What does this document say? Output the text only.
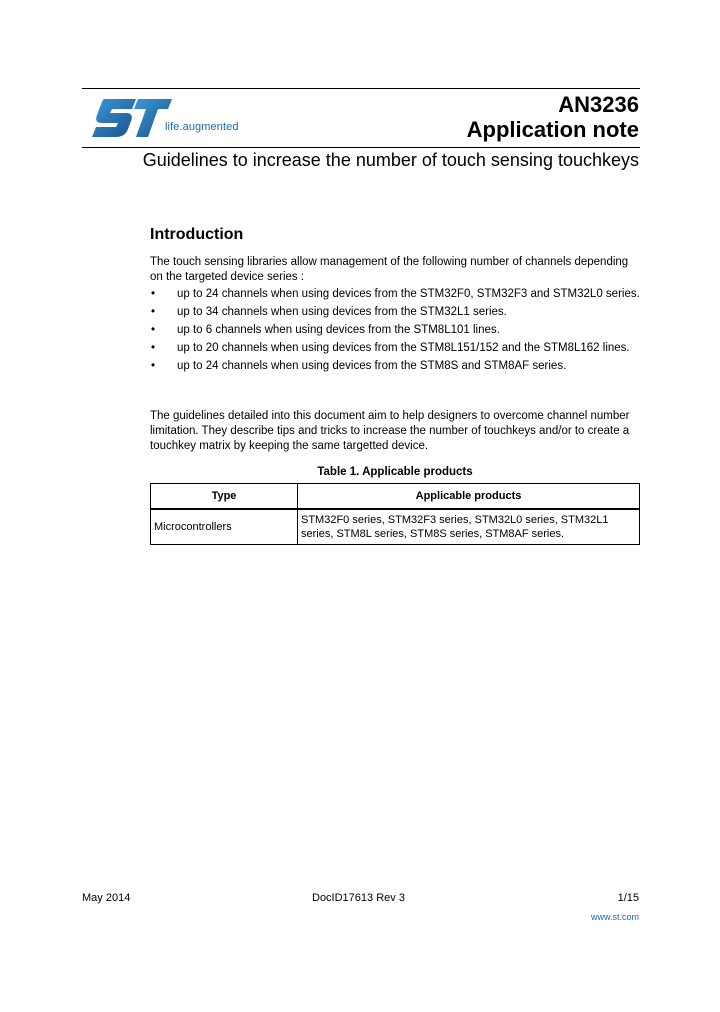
life.augmented
AN3236
Application note
Guidelines to increase the number of touch sensing touchkeys
Introduction
The touch sensing libraries allow management of the following number of channels depending on the targeted device series :
• up to 24 channels when using devices from the STM32F0, STM32F3 and STM32L0 series.
• up to 34 channels when using devices from the STM32L1 series.
• up to 6 channels when using devices from the STM8L101 lines.
• up to 20 channels when using devices from the STM8L151/152 and the STM8L162 lines.
• up to 24 channels when using devices from the STM8S and STM8AF series.
The guidelines detailed into this document aim to help designers to overcome channel number limitation. They describe tips and tricks to increase the number of touchkeys and/or to create a touchkey matrix by keeping the same targetted device.
Table 1. Applicable products
Type	Applicable products
Microcontrollers	STM32F0 series, STM32F3 series, STM32L0 series, STM32L1 series, STM8L series, STM8S series, STM8AF series.
May 2014	DocID17613 Rev 3	1/15
www.st.com
